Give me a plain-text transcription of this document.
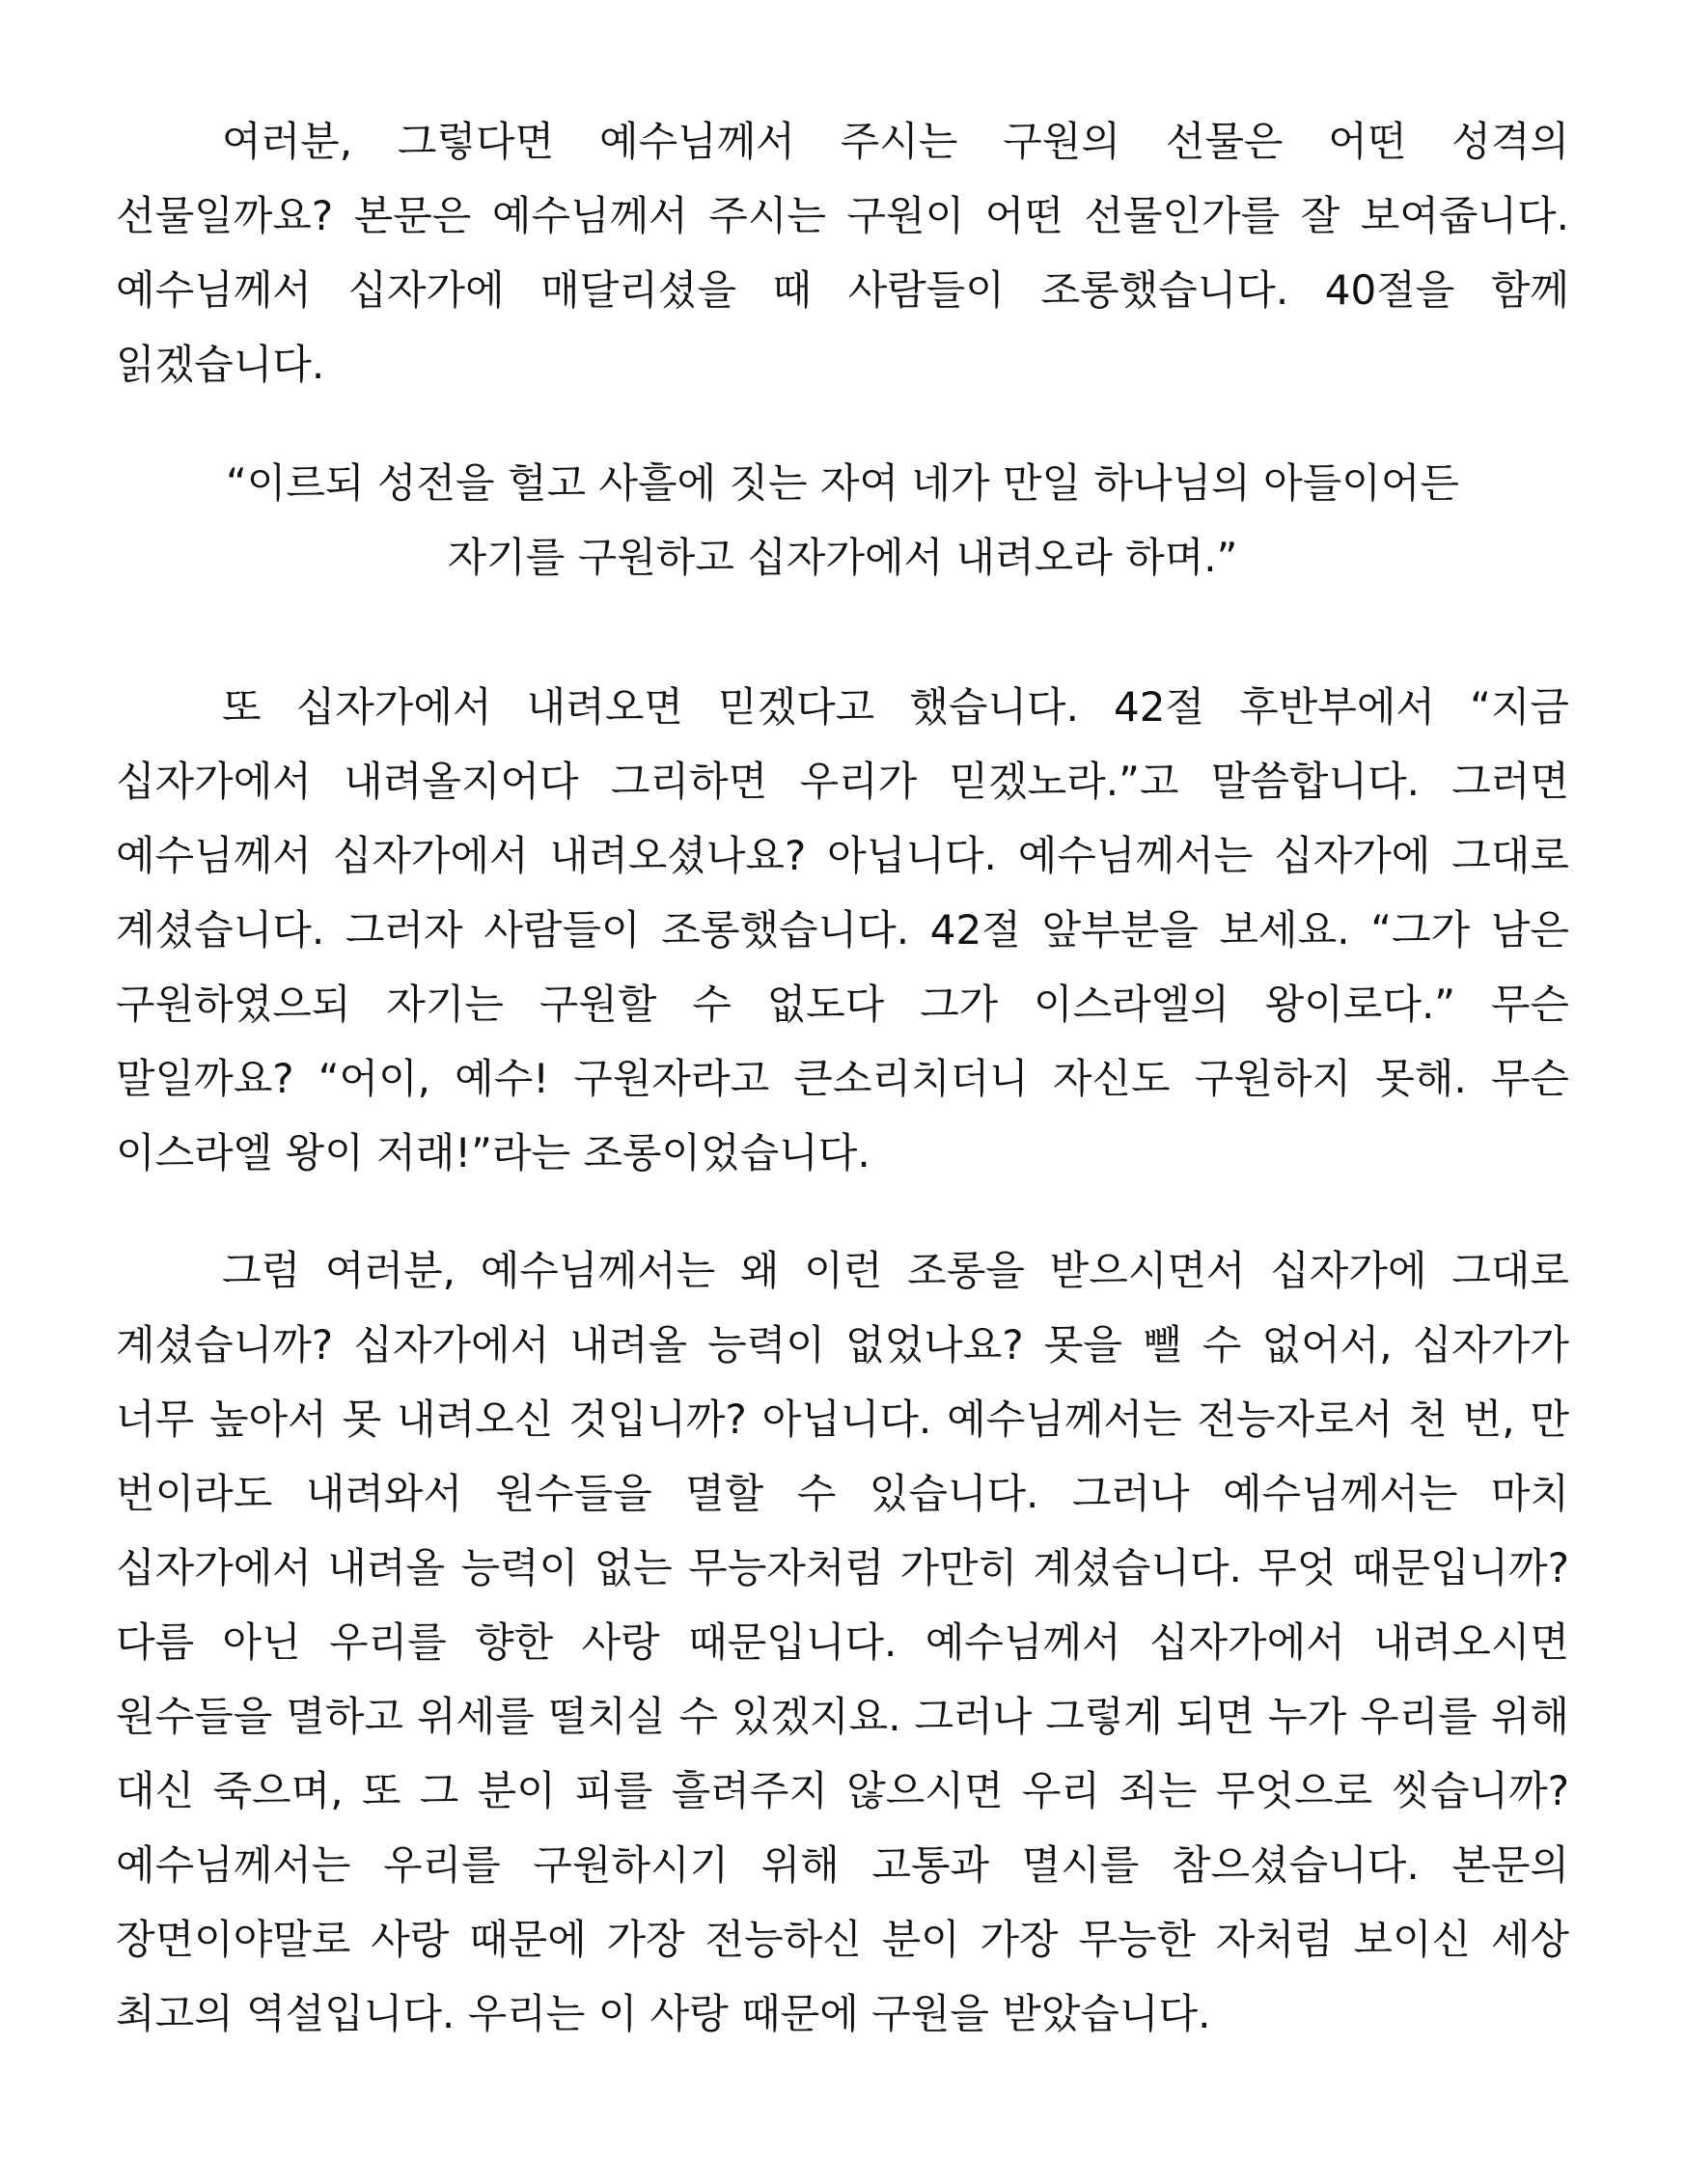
여러분, 그렇다면 예수님께서 주시는 구원의 선물은 어떤 성격의 선물일까요? 본문은 예수님께서 주시는 구원이 어떤 선물인가를 잘 보여줍니다. 예수님께서 십자가에 매달리셨을 때 사람들이 조롱했습니다. 40절을 함께 읽겠습니다.

“이르되 성전을 헐고 사흘에 짓는 자여 네가 만일 하나님의 아들이어든
자기를 구원하고 십자가에서 내려오라 하며.”

또 십자가에서 내려오면 믿겠다고 했습니다. 42절 후반부에서 “지금 십자가에서 내려올지어다 그리하면 우리가 믿겠노라.”고 말씀합니다. 그러면 예수님께서 십자가에서 내려오셨나요? 아닙니다. 예수님께서는 십자가에 그대로 계셨습니다. 그러자 사람들이 조롱했습니다. 42절 앞부분을 보세요. “그가 남은 구원하였으되 자기는 구원할 수 없도다 그가 이스라엘의 왕이로다.” 무슨 말일까요? “어이, 예수! 구원자라고 큰소리치더니 자신도 구원하지 못해. 무슨 이스라엘 왕이 저래!”라는 조롱이었습니다.

그럼 여러분, 예수님께서는 왜 이런 조롱을 받으시면서 십자가에 그대로 계셨습니까? 십자가에서 내려올 능력이 없었나요? 못을 뺄 수 없어서, 십자가가 너무 높아서 못 내려오신 것입니까? 아닙니다. 예수님께서는 전능자로서 천 번, 만 번이라도 내려와서 원수들을 멸할 수 있습니다. 그러나 예수님께서는 마치 십자가에서 내려올 능력이 없는 무능자처럼 가만히 계셨습니다. 무엇 때문입니까? 다름 아닌 우리를 향한 사랑 때문입니다. 예수님께서 십자가에서 내려오시면 원수들을 멸하고 위세를 떨치실 수 있겠지요. 그러나 그렇게 되면 누가 우리를 위해 대신 죽으며, 또 그 분이 피를 흘려주지 않으시면 우리 죄는 무엇으로 씻습니까? 예수님께서는 우리를 구원하시기 위해 고통과 멸시를 참으셨습니다. 본문의 장면이야말로 사랑 때문에 가장 전능하신 분이 가장 무능한 자처럼 보이신 세상 최고의 역설입니다. 우리는 이 사랑 때문에 구원을 받았습니다.
